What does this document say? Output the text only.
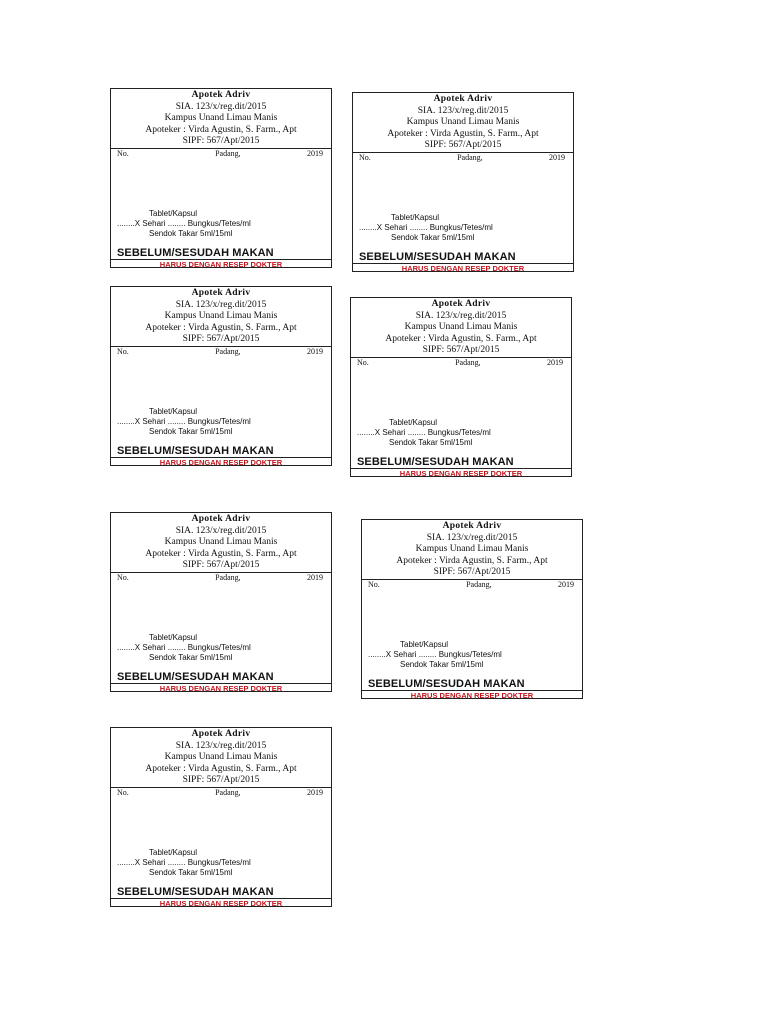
Apotek Adriv
SIA. 123/x/reg.dit/2015
Kampus Unand Limau Manis
Apoteker : Virda Agustin, S. Farm., Apt
SIPF: 567/Apt/2015
No.	Padang,	2019
Tablet/Kapsul
........X Sehari ........ Bungkus/Tetes/ml
Sendok Takar 5ml/15ml
SEBELUM/SESUDAH MAKAN
HARUS DENGAN RESEP DOKTER
Apotek Adriv
SIA. 123/x/reg.dit/2015
Kampus Unand Limau Manis
Apoteker : Virda Agustin, S. Farm., Apt
SIPF: 567/Apt/2015
No.	Padang,	2019
Tablet/Kapsul
........X Sehari ........ Bungkus/Tetes/ml
Sendok Takar 5ml/15ml
SEBELUM/SESUDAH MAKAN
HARUS DENGAN RESEP DOKTER
Apotek Adriv
SIA. 123/x/reg.dit/2015
Kampus Unand Limau Manis
Apoteker : Virda Agustin, S. Farm., Apt
SIPF: 567/Apt/2015
No.	Padang,	2019
Tablet/Kapsul
........X Sehari ........ Bungkus/Tetes/ml
Sendok Takar 5ml/15ml
SEBELUM/SESUDAH MAKAN
HARUS DENGAN RESEP DOKTER
Apotek Adriv
SIA. 123/x/reg.dit/2015
Kampus Unand Limau Manis
Apoteker : Virda Agustin, S. Farm., Apt
SIPF: 567/Apt/2015
No.	Padang,	2019
Tablet/Kapsul
........X Sehari ........ Bungkus/Tetes/ml
Sendok Takar 5ml/15ml
SEBELUM/SESUDAH MAKAN
HARUS DENGAN RESEP DOKTER
Apotek Adriv
SIA. 123/x/reg.dit/2015
Kampus Unand Limau Manis
Apoteker : Virda Agustin, S. Farm., Apt
SIPF: 567/Apt/2015
No.	Padang,	2019
Tablet/Kapsul
........X Sehari ........ Bungkus/Tetes/ml
Sendok Takar 5ml/15ml
SEBELUM/SESUDAH MAKAN
HARUS DENGAN RESEP DOKTER
Apotek Adriv
SIA. 123/x/reg.dit/2015
Kampus Unand Limau Manis
Apoteker : Virda Agustin, S. Farm., Apt
SIPF: 567/Apt/2015
No.	Padang,	2019
Tablet/Kapsul
........X Sehari ........ Bungkus/Tetes/ml
Sendok Takar 5ml/15ml
SEBELUM/SESUDAH MAKAN
HARUS DENGAN RESEP DOKTER
Apotek Adriv
SIA. 123/x/reg.dit/2015
Kampus Unand Limau Manis
Apoteker : Virda Agustin, S. Farm., Apt
SIPF: 567/Apt/2015
No.	Padang,	2019
Tablet/Kapsul
........X Sehari ........ Bungkus/Tetes/ml
Sendok Takar 5ml/15ml
SEBELUM/SESUDAH MAKAN
HARUS DENGAN RESEP DOKTER
